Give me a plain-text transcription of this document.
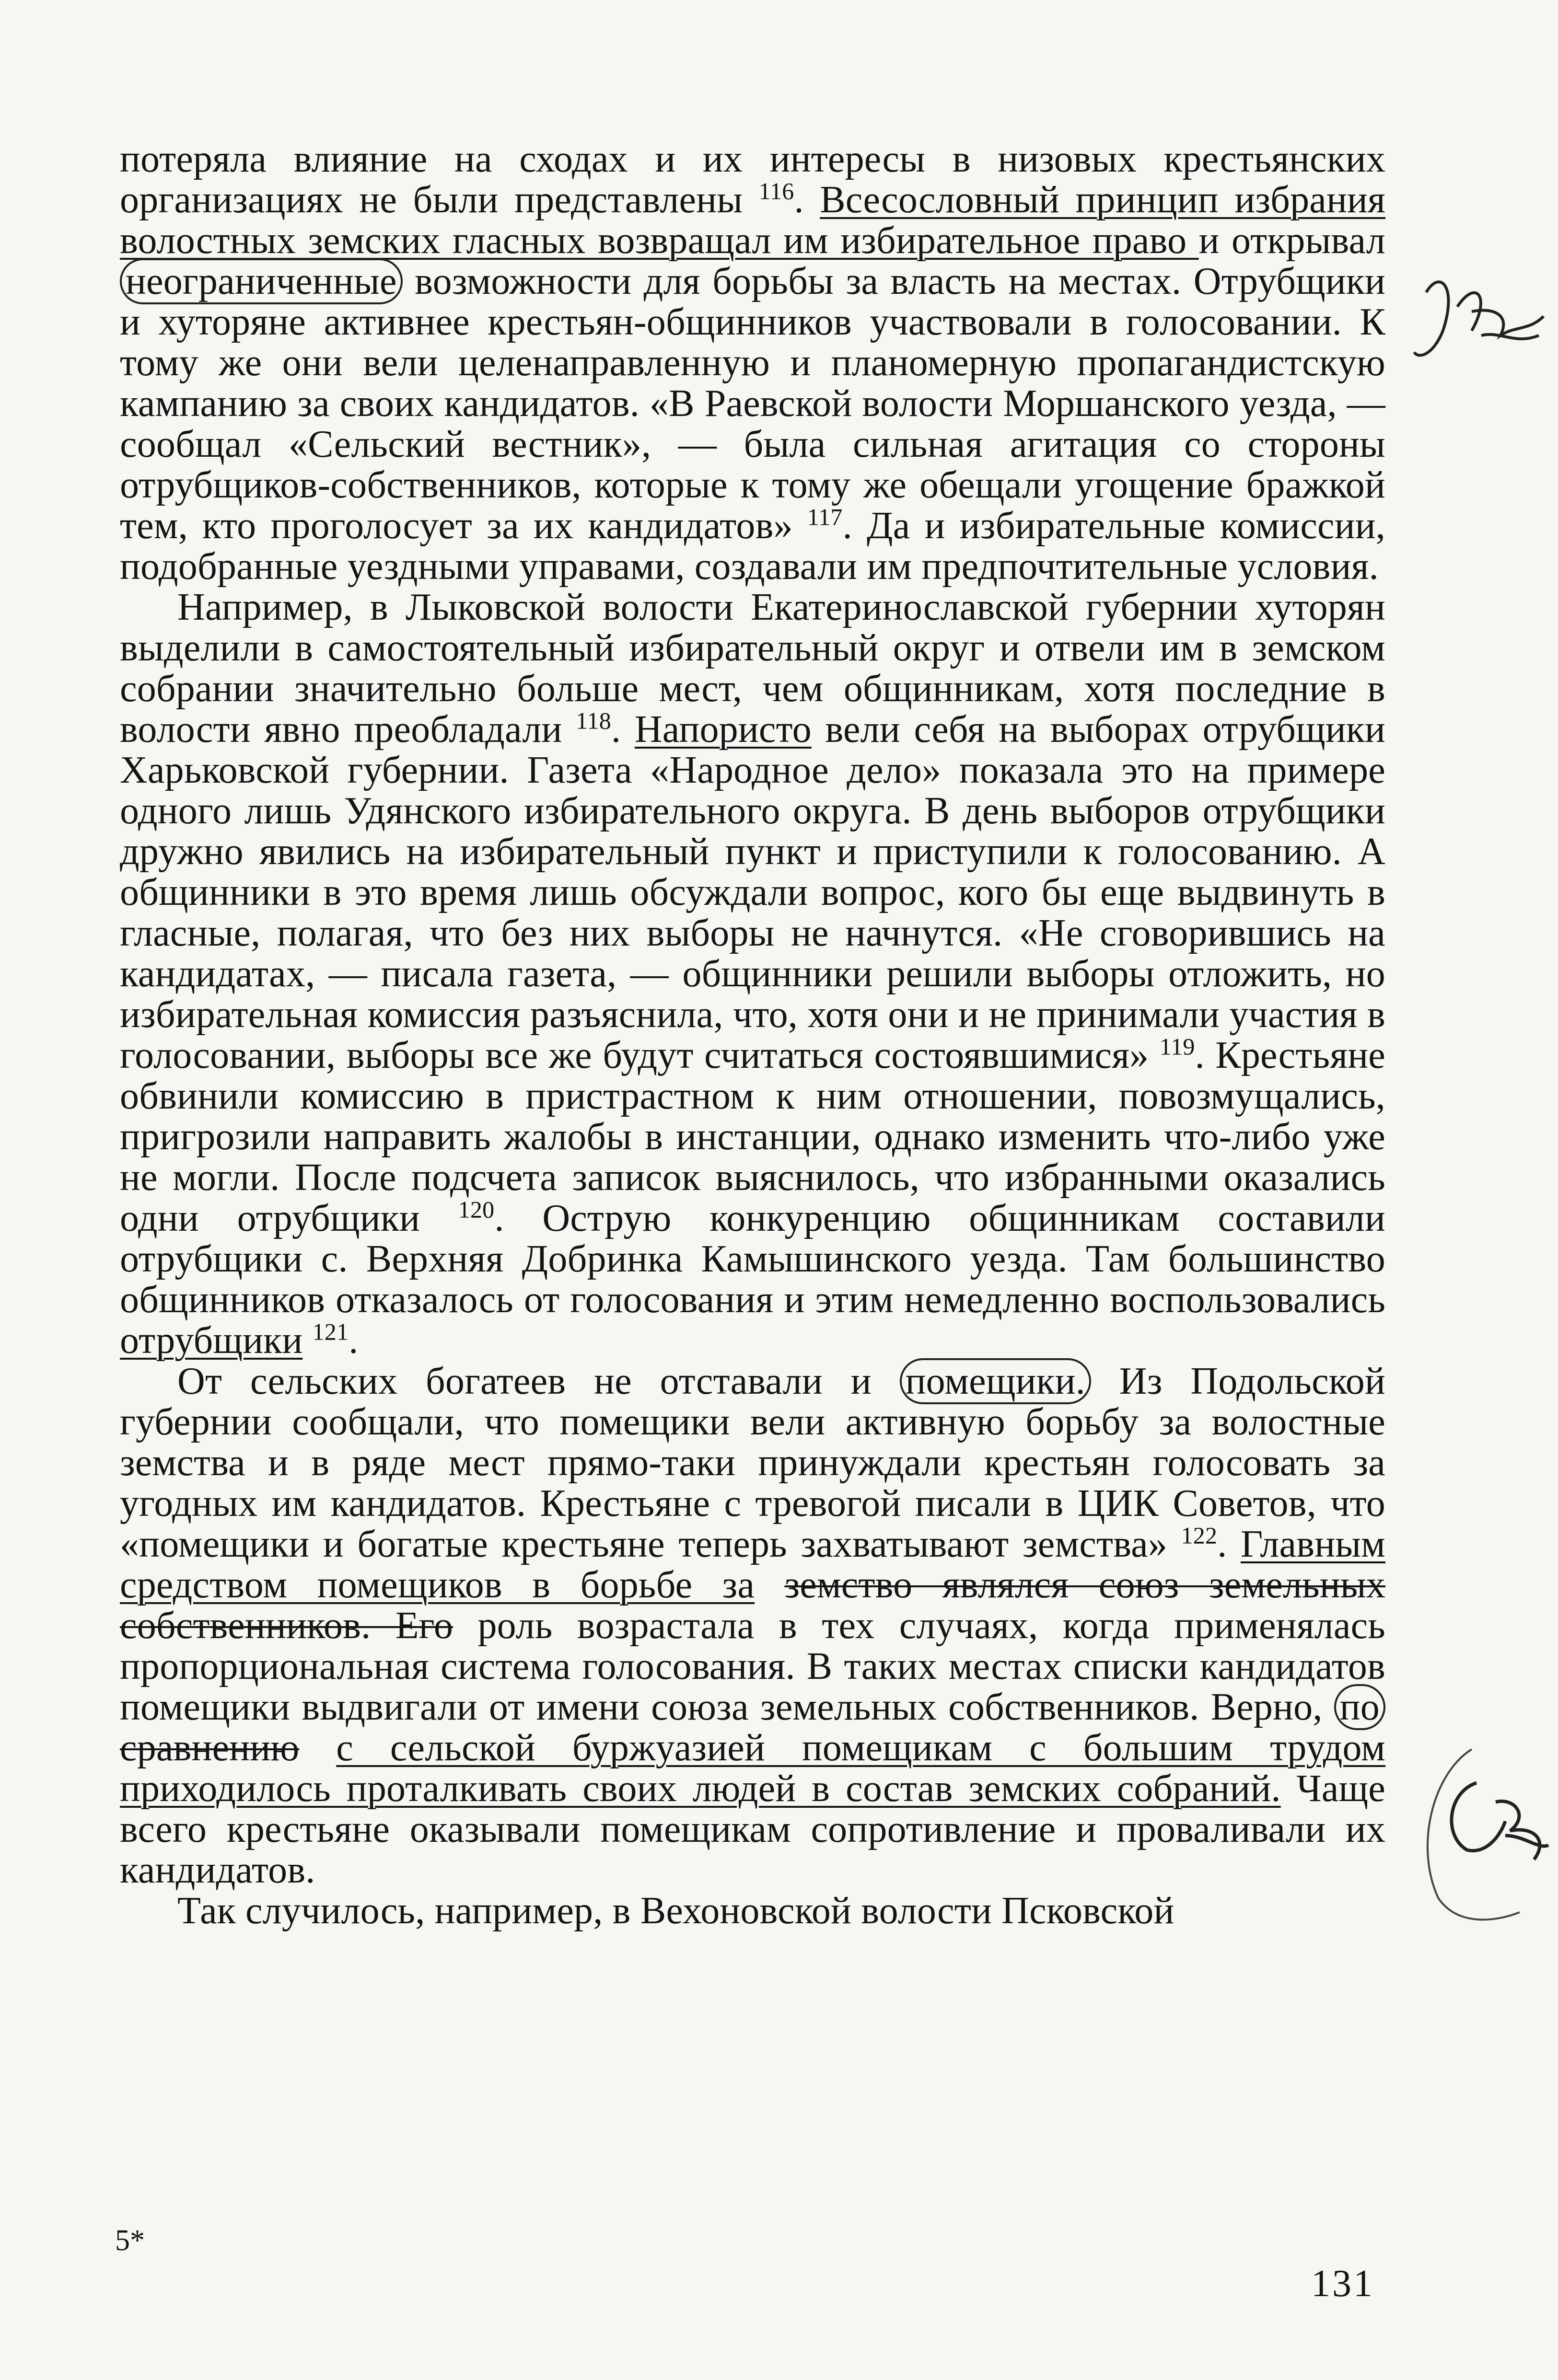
потеряла влияние на сходах и их интересы в низовых крестьянских организациях не были представлены $^{116}$. Всесословный принцип избрания волостных земских гласных возвращал им избирательное право и открывал неограниченные возможности для борьбы за власть на местах. Отрубщики и хуторяне активнее крестьян-общинников участвовали в голосовании. К тому же они вели целенаправленную и планомерную пропагандистскую кампанию за своих кандидатов. «В Раевской волости Моршанского уезда, — сообщал «Сельский вестник», — была сильная агитация со стороны отрубщиков-собственников, которые к тому же обещали угощение бражкой тем, кто проголосует за их кандидатов» $^{117}$. Да и избирательные комиссии, подобранные уездными управами, создавали им предпочтительные условия.

Например, в Лыковской волости Екатеринославской губернии хуторян выделили в самостоятельный избирательный округ и отвели им в земском собрании значительно больше мест, чем общинникам, хотя последние в волости явно преобладали $^{118}$. Напористо вели себя на выборах отрубщики Харьковской губернии. Газета «Народное дело» показала это на примере одного лишь Удянского избирательного округа. В день выборов отрубщики дружно явились на избирательный пункт и приступили к голосованию. А общинники в это время лишь обсуждали вопрос, кого бы еще выдвинуть в гласные, полагая, что без них выборы не начнутся. «Не сговорившись на кандидатах, — писала газета, — общинники решили выборы отложить, но избирательная комиссия разъяснила, что, хотя они и не принимали участия в голосовании, выборы все же будут считаться состоявшимися» $^{119}$. Крестьяне обвинили комиссию в пристрастном к ним отношении, повозмущались, пригрозили направить жалобы в инстанции, однако изменить что-либо уже не могли. После подсчета записок выяснилось, что избранными оказались одни отрубщики $^{120}$. Острую конкуренцию общинникам составили отрубщики с. Верхняя Добринка Камышинского уезда. Там большинство общинников отказалось от голосования и этим немедленно воспользовались отрубщики $^{121}$.

От сельских богатеев не отставали и помещики. Из Подольской губернии сообщали, что помещики вели активную борьбу за волостные земства и в ряде мест прямо-таки принуждали крестьян голосовать за угодных им кандидатов. Крестьяне с тревогой писали в ЦИК Советов, что «помещики и богатые крестьяне теперь захватывают земства» $^{122}$. Главным средством помещиков в борьбе за земство являлся союз земельных собственников. Его роль возрастала в тех случаях, когда применялась пропорциональная система голосования. В таких местах списки кандидатов помещики выдвигали от имени союза земельных собственников. Верно, по сравнению с сельской буржуазией помещикам с большим трудом приходилось проталкивать своих людей в состав земских собраний. Чаще всего крестьяне оказывали помещикам сопротивление и проваливали их кандидатов.

Так случилось, например, в Вехоновской волости Псковской

5*
131
